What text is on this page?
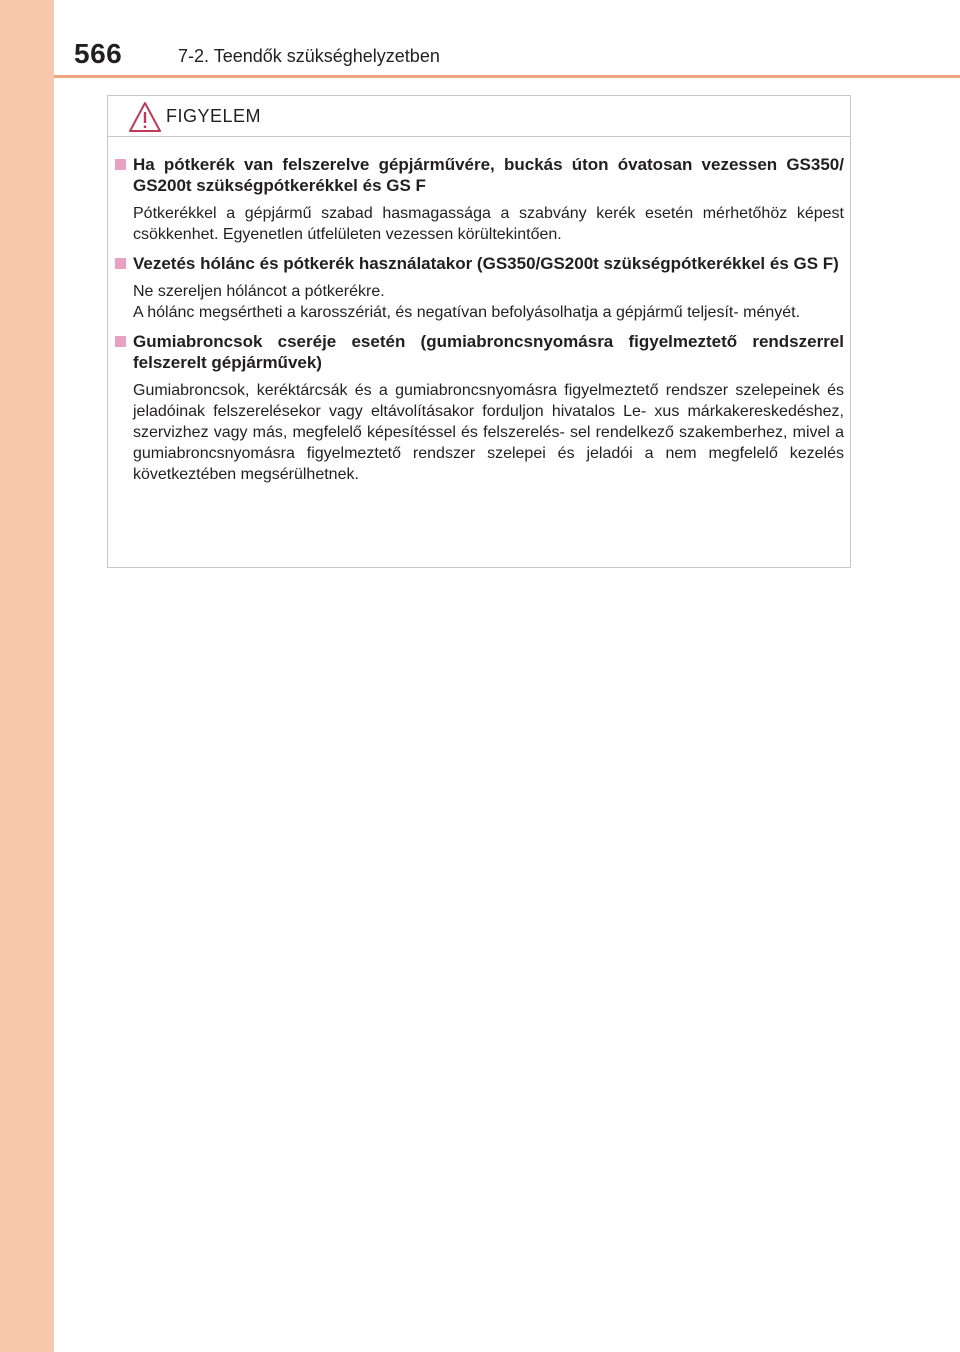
566	7-2. Teendők szükséghelyzetben
FIGYELEM
Ha pótkerék van felszerelve gépjárművére, buckás úton óvatosan vezessen GS350/ GS200t szükségpótkerékkel és GS F

Pótkerékkel a gépjármű szabad hasmagassága a szabvány kerék esetén mérhetőhöz képest csökkenhet. Egyenetlen útfelületen vezessen körültekintően.

Vezetés hólánc és pótkerék használatakor (GS350/GS200t szükségpótkerékkel és GS F)

Ne szereljen hóláncot a pótkerékre.

A hólánc megsértheti a karosszériát, és negatívan befolyásolhatja a gépjármű teljesít- ményét.

Gumiabroncsok cseréje esetén (gumiabroncsnyomásra figyelmeztető rendszerrel felszerelt gépjárművek)

Gumiabroncsok, keréktárcsák és a gumiabroncsnyomásra figyelmeztető rendszer szelepeinek és jeladóinak felszerelésekor vagy eltávolításakor forduljon hivatalos Le- xus márkakereskedéshez, szervizhez vagy más, megfelelő képesítéssel és felszerelés- sel rendelkező szakemberhez, mivel a gumiabroncsnyomásra figyelmeztető rendszer szelepei és jeladói a nem megfelelő kezelés következtében megsérülhetnek.
